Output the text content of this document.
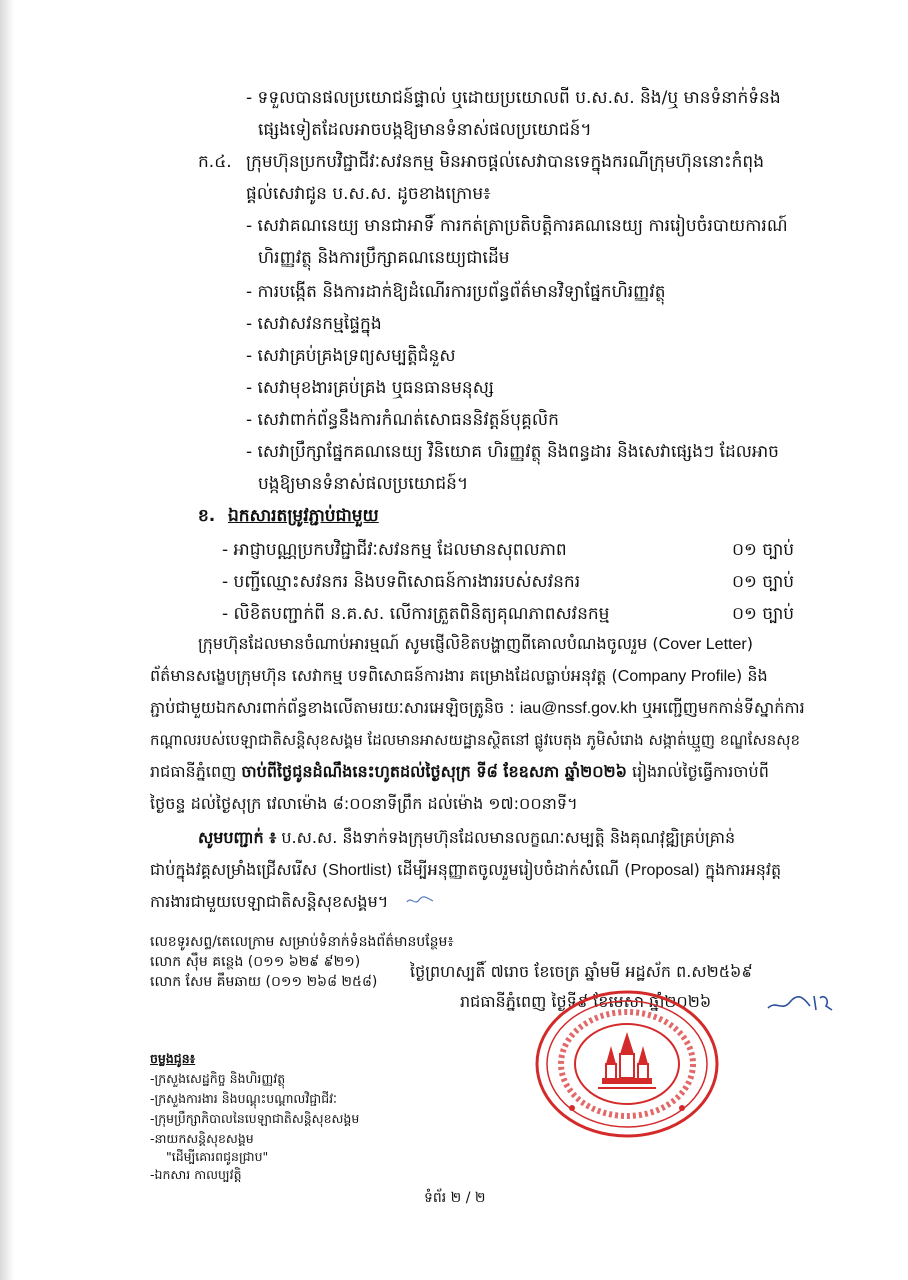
- ទទួលបានផលប្រយោជន៍ផ្ទាល់ ឬដោយប្រយោលពី ប.ស.ស. និង/ឬ មានទំនាក់ទំនង
ផ្សេងទៀតដែលអាចបង្កឱ្យមានទំនាស់ផលប្រយោជន៍។
ក.៤. ក្រុមហ៊ុនប្រកបវិជ្ជាជីវៈសវនកម្ម មិនអាចផ្តល់សេវាបានទេក្នុងករណីក្រុមហ៊ុននោះកំពុង
ផ្តល់សេវាជូន ប.ស.ស. ដូចខាងក្រោម៖
- សេវាគណនេយ្យ មានជាអាទិ៍ ការកត់ត្រាប្រតិបត្តិការគណនេយ្យ ការរៀបចំរបាយការណ៍
ហិរញ្ញវត្ថុ និងការប្រឹក្សាគណនេយ្យជាដើម
- ការបង្កើត និងការដាក់ឱ្យដំណើរការប្រព័ន្ធព័ត៌មានវិទ្យាផ្នែកហិរញ្ញវត្ថុ
- សេវាសវនកម្មផ្ទៃក្នុង
- សេវាគ្រប់គ្រងទ្រព្យសម្បត្តិជំនួស
- សេវាមុខងារគ្រប់គ្រង ឬធនធានមនុស្ស
- សេវាពាក់ព័ន្ធនឹងការកំណត់សោធននិវត្តន៍បុគ្គលិក
- សេវាប្រឹក្សាផ្នែកគណនេយ្យ វិនិយោគ ហិរញ្ញវត្ថុ និងពន្ធដារ និងសេវាផ្សេងៗ ដែលអាច
បង្កឱ្យមានទំនាស់ផលប្រយោជន៍។
ខ. ឯកសារតម្រូវភ្ជាប់ជាមួយ
- អាជ្ញាបណ្ណប្រកបវិជ្ជាជីវៈសវនកម្ម ដែលមានសុពលភាព	០១ ច្បាប់
- បញ្ជីឈ្មោះសវនករ និងបទពិសោធន៍ការងាររបស់សវនករ	០១ ច្បាប់
- លិខិតបញ្ជាក់ពី ន.គ.ស. លើការត្រួតពិនិត្យគុណភាពសវនកម្ម	០១ ច្បាប់
ក្រុមហ៊ុនដែលមានចំណាប់អារម្មណ៍ សូមផ្ញើលិខិតបង្ហាញពីគោលបំណងចូលរួម (Cover Letter)
ព័ត៌មានសង្ខេបក្រុមហ៊ុន សេវាកម្ម បទពិសោធន៍ការងារ គម្រោងដែលធ្លាប់អនុវត្ត (Company Profile) និង
ភ្ជាប់ជាមួយឯកសារពាក់ព័ន្ធខាងលើតាមរយៈសារអេឡិចត្រូនិច : iau@nssf.gov.kh ឬអញ្ជើញមកកាន់ទីស្នាក់ការ
កណ្តាលរបស់បេឡាជាតិសន្តិសុខសង្គម ដែលមានអាសយដ្ឋានស្ថិតនៅ ផ្លូវបេតុង ភូមិសំរោង សង្កាត់ឃ្មួញ ខណ្ឌសែនសុខ
រាជធានីភ្នំពេញ ចាប់ពីថ្ងៃជូនដំណឹងនេះហូតដល់ថ្ងៃសុក្រ ទី៨ ខែឧសភា ឆ្នាំ២០២៦ រៀងរាល់ថ្ងៃធ្វើការចាប់ពី
ថ្ងៃចន្ទ ដល់ថ្ងៃសុក្រ វេលាម៉ោង ៨:០០នាទីព្រឹក ដល់ម៉ោង ១៧:០០នាទី។
សូមបញ្ជាក់ ៖ ប.ស.ស. នឹងទាក់ទងក្រុមហ៊ុនដែលមានលក្ខណៈសម្បត្តិ និងគុណវុឌ្ឍិគ្រប់គ្រាន់
ជាប់ក្នុងវគ្គសម្រាំងជ្រើសរើស (Shortlist) ដើម្បីអនុញ្ញាតចូលរួមរៀបចំដាក់សំណើ (Proposal) ក្នុងការអនុវត្ត
ការងារជាមួយបេឡាជាតិសន្តិសុខសង្គម។
លេខទូរសព្ទ/តេលេក្រាម សម្រាប់ទំនាក់ទំនងព័ត៌មានបន្ថែម៖
លោក ស៊ឹម គន្ថេង (០១១ ៦២៩ ៩២១)
លោក សែម គឹមឆាយ (០១១ ២៦៨ ២៥៨)
ថ្ងៃព្រហស្បតិ៍ ៧រោច ខែចេត្រ ឆ្នាំមមី អដ្ឋស័ក ព.ស២៥៦៩
រាជធានីភ្នំពេញ ថ្ងៃទី៩ ខែមេសា ឆ្នាំ២០២៦
ចម្លងជូន៖
-ក្រសួងសេដ្ឋកិច្ច និងហិរញ្ញវត្ថុ
-ក្រសួងការងារ និងបណ្តុះបណ្តាលវិជ្ជាជីវៈ
-ក្រុមប្រឹក្សាភិបាលនៃបេឡាជាតិសន្តិសុខសង្គម
-នាយកសន្តិសុខសង្គម
"ដើម្បីគោរពជូនជ្រាប"
-ឯកសារ កាលប្បវត្តិ
ទំព័រ ២ / ២
